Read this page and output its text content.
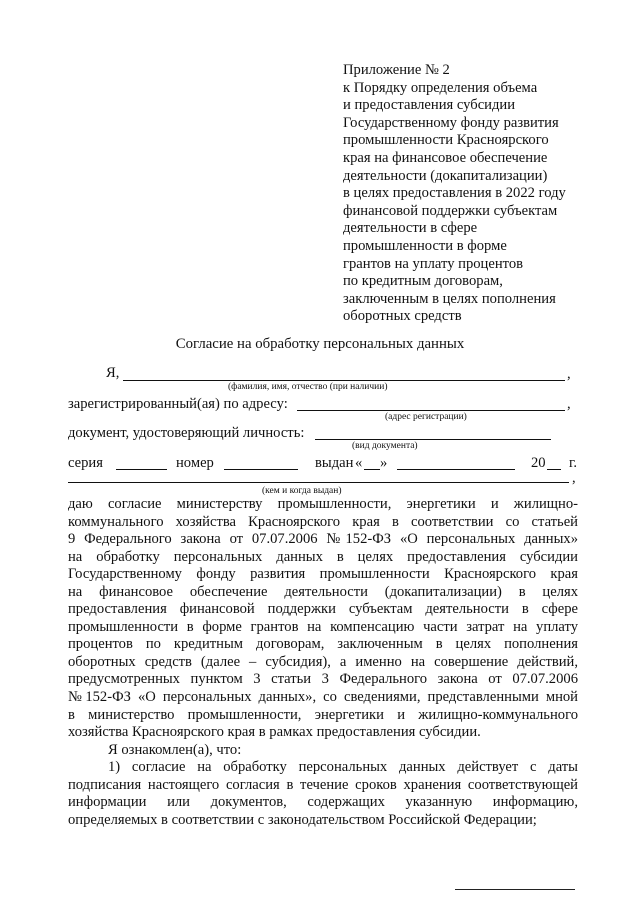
Приложение № 2
к Порядку определения объема
и предоставления субсидии
Государственному фонду развития
промышленности Красноярского
края на финансовое обеспечение
деятельности (докапитализации)
в целях предоставления в 2022 году
финансовой поддержки субъектам
деятельности в сфере
промышленности в форме
грантов на уплату процентов
по кредитным договорам,
заключенным в целях пополнения
оборотных средств
Согласие на обработку персональных данных
Я,	,
(фамилия, имя, отчество (при наличии)
зарегистрированный(ая) по адресу:	,
(адрес регистрации)
документ, удостоверяющий личность:
(вид документа)
серия	номер	выдан « »	20 г.
,
(кем и когда выдан)
даю согласие министерству промышленности, энергетики и жилищно-
коммунального хозяйства Красноярского края в соответствии со статьей
9 Федерального закона от 07.07.2006 №152-ФЗ «О персональных данных»
на обработку персональных данных в целях предоставления субсидии
Государственному фонду развития промышленности Красноярского края
на финансовое обеспечение деятельности (докапитализации) в целях
предоставления финансовой поддержки субъектам деятельности в сфере
промышленности в форме грантов на компенсацию части затрат на уплату
процентов по кредитным договорам, заключенным в целях пополнения
оборотных средств (далее – субсидия), а именно на совершение действий,
предусмотренных пунктом 3 статьи 3 Федерального закона от 07.07.2006
№152-ФЗ «О персональных данных», со сведениями, представленными мной
в министерство промышленности, энергетики и жилищно-коммунального
хозяйства Красноярского края в рамках предоставления субсидии.
Я ознакомлен(а), что:
1) согласие на обработку персональных данных действует с даты
подписания настоящего согласия в течение сроков хранения соответствующей
информации или документов, содержащих указанную информацию,
определяемых в соответствии с законодательством Российской Федерации;
